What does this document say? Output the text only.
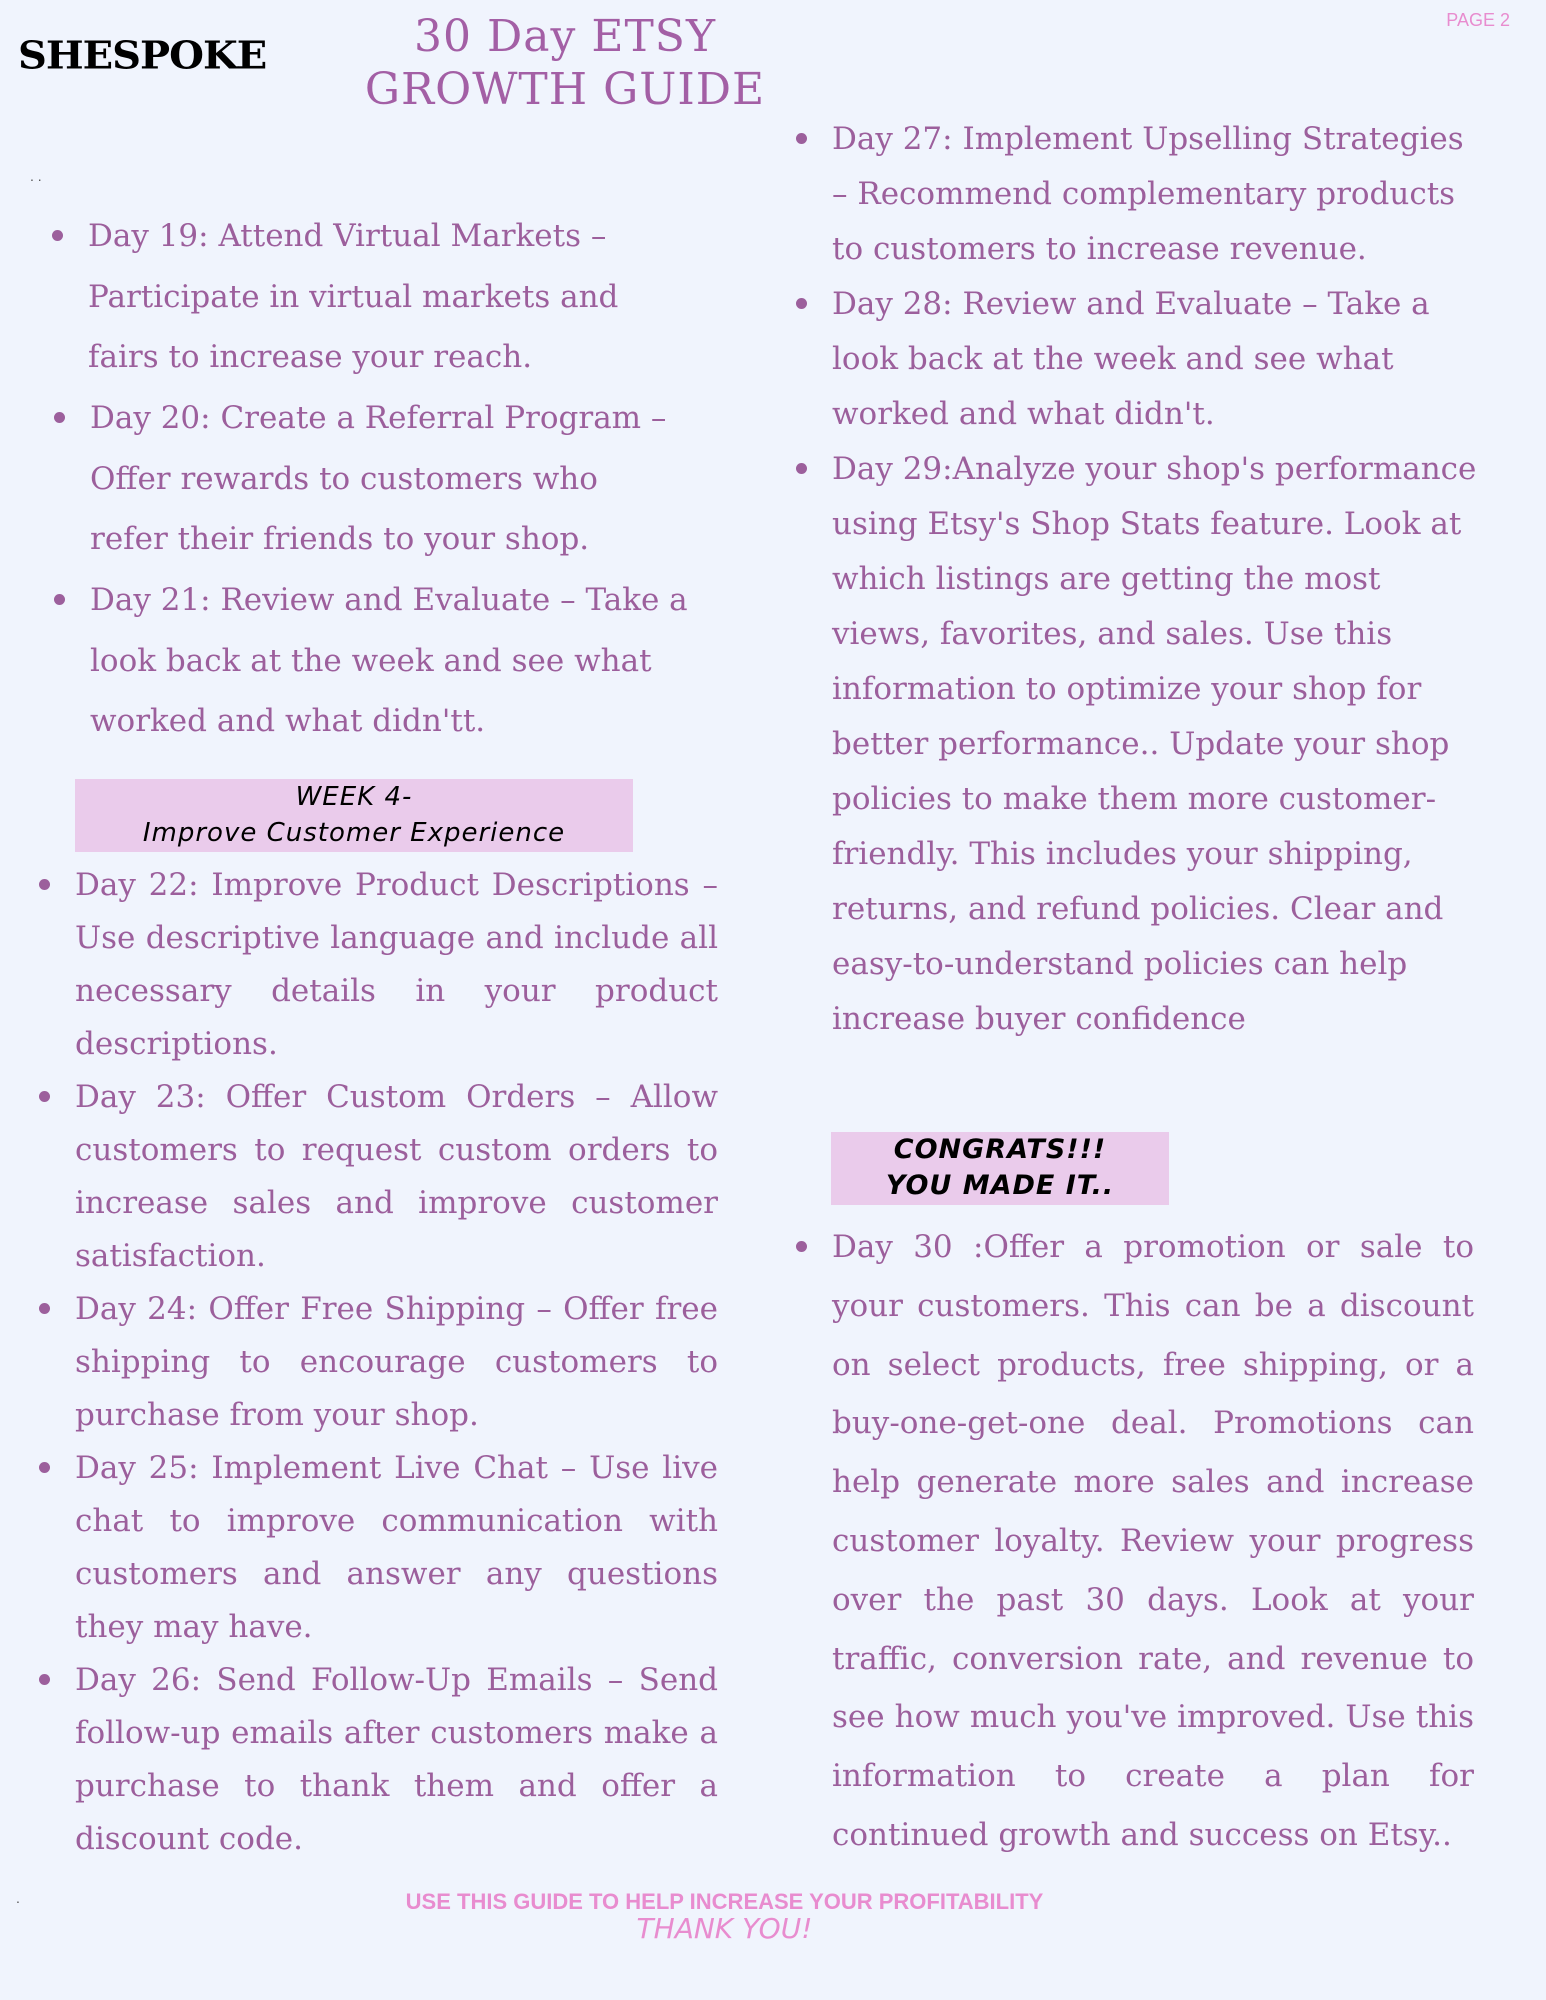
SHESPOKE	30 Day ETSY
GROWTH GUIDE
PAGE 2
. .
Day 19: Attend Virtual Markets – Participate in virtual markets and fairs to increase your reach.
Day 20: Create a Referral Program – Offer rewards to customers who refer their friends to your shop.
Day 21: Review and Evaluate – Take a look back at the week and see what worked and what didn'tt.
WEEK 4-
Improve Customer Experience
Day 22: Improve Product Descriptions – Use descriptive language and include all necessary details in your product descriptions.
Day 23: Offer Custom Orders – Allow customers to request custom orders to increase sales and improve customer satisfaction.
Day 24: Offer Free Shipping – Offer free shipping to encourage customers to purchase from your shop.
Day 25: Implement Live Chat – Use live chat to improve communication with customers and answer any questions they may have.
Day 26: Send Follow-Up Emails – Send follow-up emails after customers make a purchase to thank them and offer a discount code.
Day 27: Implement Upselling Strategies – Recommend complementary products to customers to increase revenue.
Day 28: Review and Evaluate – Take a look back at the week and see what worked and what didn't.
Day 29:Analyze your shop's performance using Etsy's Shop Stats feature. Look at which listings are getting the most views, favorites, and sales. Use this information to optimize your shop for better performance.. Update your shop policies to make them more customer-friendly. This includes your shipping, returns, and refund policies. Clear and easy-to-understand policies can help increase buyer confidence
CONGRATS!!!
YOU MADE IT..
Day 30 :Offer a promotion or sale to your customers. This can be a discount on select products, free shipping, or a buy-one-get-one deal. Promotions can help generate more sales and increase customer loyalty. Review your progress over the past 30 days. Look at your traffic, conversion rate, and revenue to see how much you've improved. Use this information to create a plan for continued growth and success on Etsy..
.	USE THIS GUIDE TO HELP INCREASE YOUR PROFITABILITY
THANK YOU!
